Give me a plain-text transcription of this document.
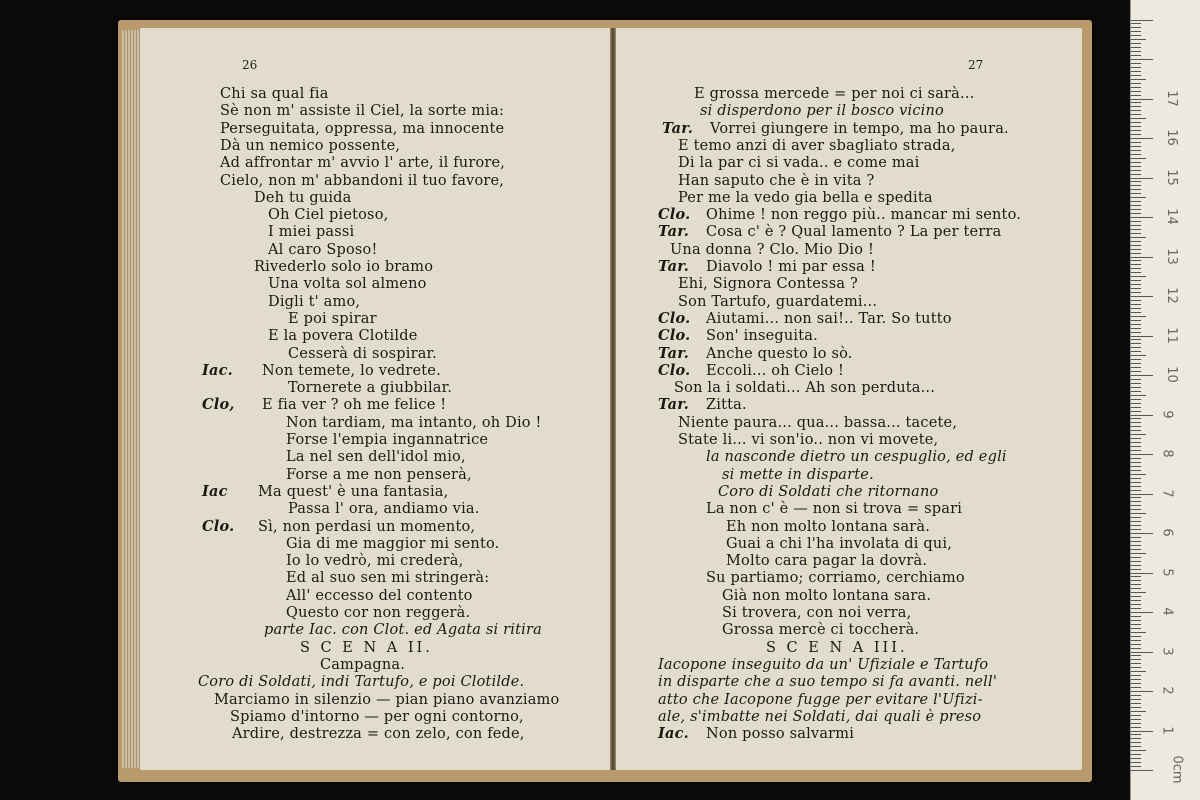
26
Chi sa qual fia
Sè non m' assiste il Ciel, la sorte mia:
Perseguitata, oppressa, ma innocente
Dà un nemico possente,
Ad affrontar m' avvio l' arte, il furore,
Cielo, non m' abbandoni il tuo favore,
Deh tu guida
Oh Ciel pietoso,
I miei passi
Al caro Sposo!
Rivederlo solo io bramo
Una volta sol almeno
Digli t' amo,
E poi spirar
E la povera Clotilde
Cesserà di sospirar.
Iac. Non temete, lo vedrete.
Tornerete a giubbilar.
Clo, E fia ver ? oh me felice !
Non tardiam, ma intanto, oh Dio !
Forse l'empia ingannatrice
La nel sen dell'idol mio,
Forse a me non penserà,
Iac Ma quest' è una fantasia,
Passa l' ora, andiamo via.
Clo. Sì, non perdasi un momento,
Gia di me maggior mi sento.
Io lo vedrò, mi crederà,
Ed al suo sen mi stringerà:
All' eccesso del contento
Questo cor non reggerà.
parte Iac. con Clot. ed Agata si ritira
S C E N A II.
Campagna.
Coro di Soldati, indi Tartufo, e poi Clotilde.
Marciamo in silenzio — pian piano avanziamo
Spiamo d'intorno — per ogni contorno,
Ardire, destrezza = con zelo, con fede,
27
E grossa mercede = per noi ci sarà...
si disperdono per il bosco vicino
Tar. Vorrei giungere in tempo, ma ho paura.
E temo anzi di aver sbagliato strada,
Di la par ci si vada.. e come mai
Han saputo che è in vita ?
Per me la vedo gia bella e spedita
Clo. Ohime ! non reggo più.. mancar mi sento.
Tar. Cosa c' è ? Qual lamento ? La per terra
Una donna ? Clo. Mio Dio !
Tar. Diavolo ! mi par essa !
Ehi, Signora Contessa ?
Son Tartufo, guardatemi...
Clo. Aiutami... non sai!.. Tar. So tutto
Clo. Son' inseguita.
Tar. Anche questo lo sò.
Clo. Eccoli... oh Cielo !
Son la i soldati... Ah son perduta...
Tar. Zitta.
Niente paura... qua... bassa... tacete,
State li... vi son'io.. non vi movete,
la nasconde dietro un cespuglio, ed egli
si mette in disparte.
Coro di Soldati che ritornano
La non c' è — non si trova = spari
Eh non molto lontana sarà.
Guai a chi l'ha involata di qui,
Molto cara pagar la dovrà.
Su partiamo; corriamo, cerchiamo
Già non molto lontana sara.
Si trovera, con noi verra,
Grossa mercè ci toccherà.
S C E N A III.
Iacopone inseguito da un' Ufiziale e Tartufo
in disparte che a suo tempo si fa avanti. nell'
atto che Iacopone fugge per evitare l'Ufizi-
ale, s'imbatte nei Soldati, dai quali è preso
Iac. Non posso salvarmi
17
16
15
14
13
12
11
10
9
8
7
6
5
4
3
2
1
0cm
